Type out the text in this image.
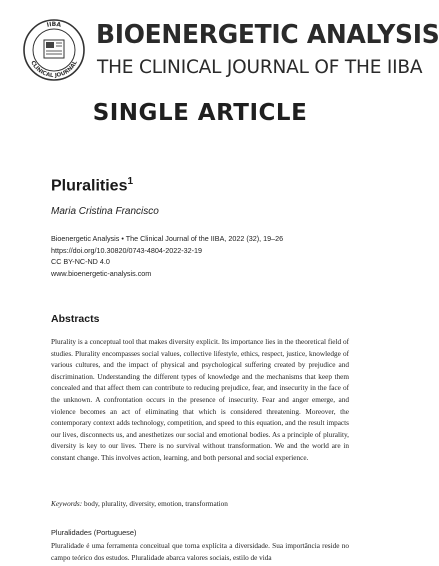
IIBA
CLINICAL JOURNAL
BIOENERGETIC ANALYSIS
THE CLINICAL JOURNAL OF THE IIBA
SINGLE ARTICLE
Pluralities$^1$
Maria Cristina Francisco
Bioenergetic Analysis • The Clinical Journal of the IIBA, 2022 (32), 19–26
https://doi.org/10.30820/0743-4804-2022-32-19
CC BY-NC-ND 4.0
www.bioenergetic-analysis.com
Abstracts
Plurality is a conceptual tool that makes diversity explicit. Its importance lies in the theoretical field of studies. Plurality encompasses social values, collective lifestyle, ethics, respect, justice, knowledge of various cultures, and the impact of physical and psychological suffering created by prejudice and discrimination. Understanding the different types of knowledge and the mechanisms that keep them concealed and that affect them can contribute to reducing prejudice, fear, and insecurity in the face of the unknown. A confrontation occurs in the presence of insecurity. Fear and anger emerge, and violence becomes an act of eliminating that which is considered threatening. Moreover, the contemporary context adds technology, competition, and speed to this equation, and the result impacts our lives, disconnects us, and anesthetizes our social and emotional bodies. As a principle of plurality, diversity is key to our lives. There is no survival without transformation. We and the world are in constant change. This involves action, learning, and both personal and social experience.
Keywords: body, plurality, diversity, emotion, transformation
Pluralidades (Portuguese)
Pluralidade é uma ferramenta conceitual que torna explícita a diversidade. Sua importância reside no campo teórico dos estudos. Pluralidade abarca valores sociais, estilo de vida
